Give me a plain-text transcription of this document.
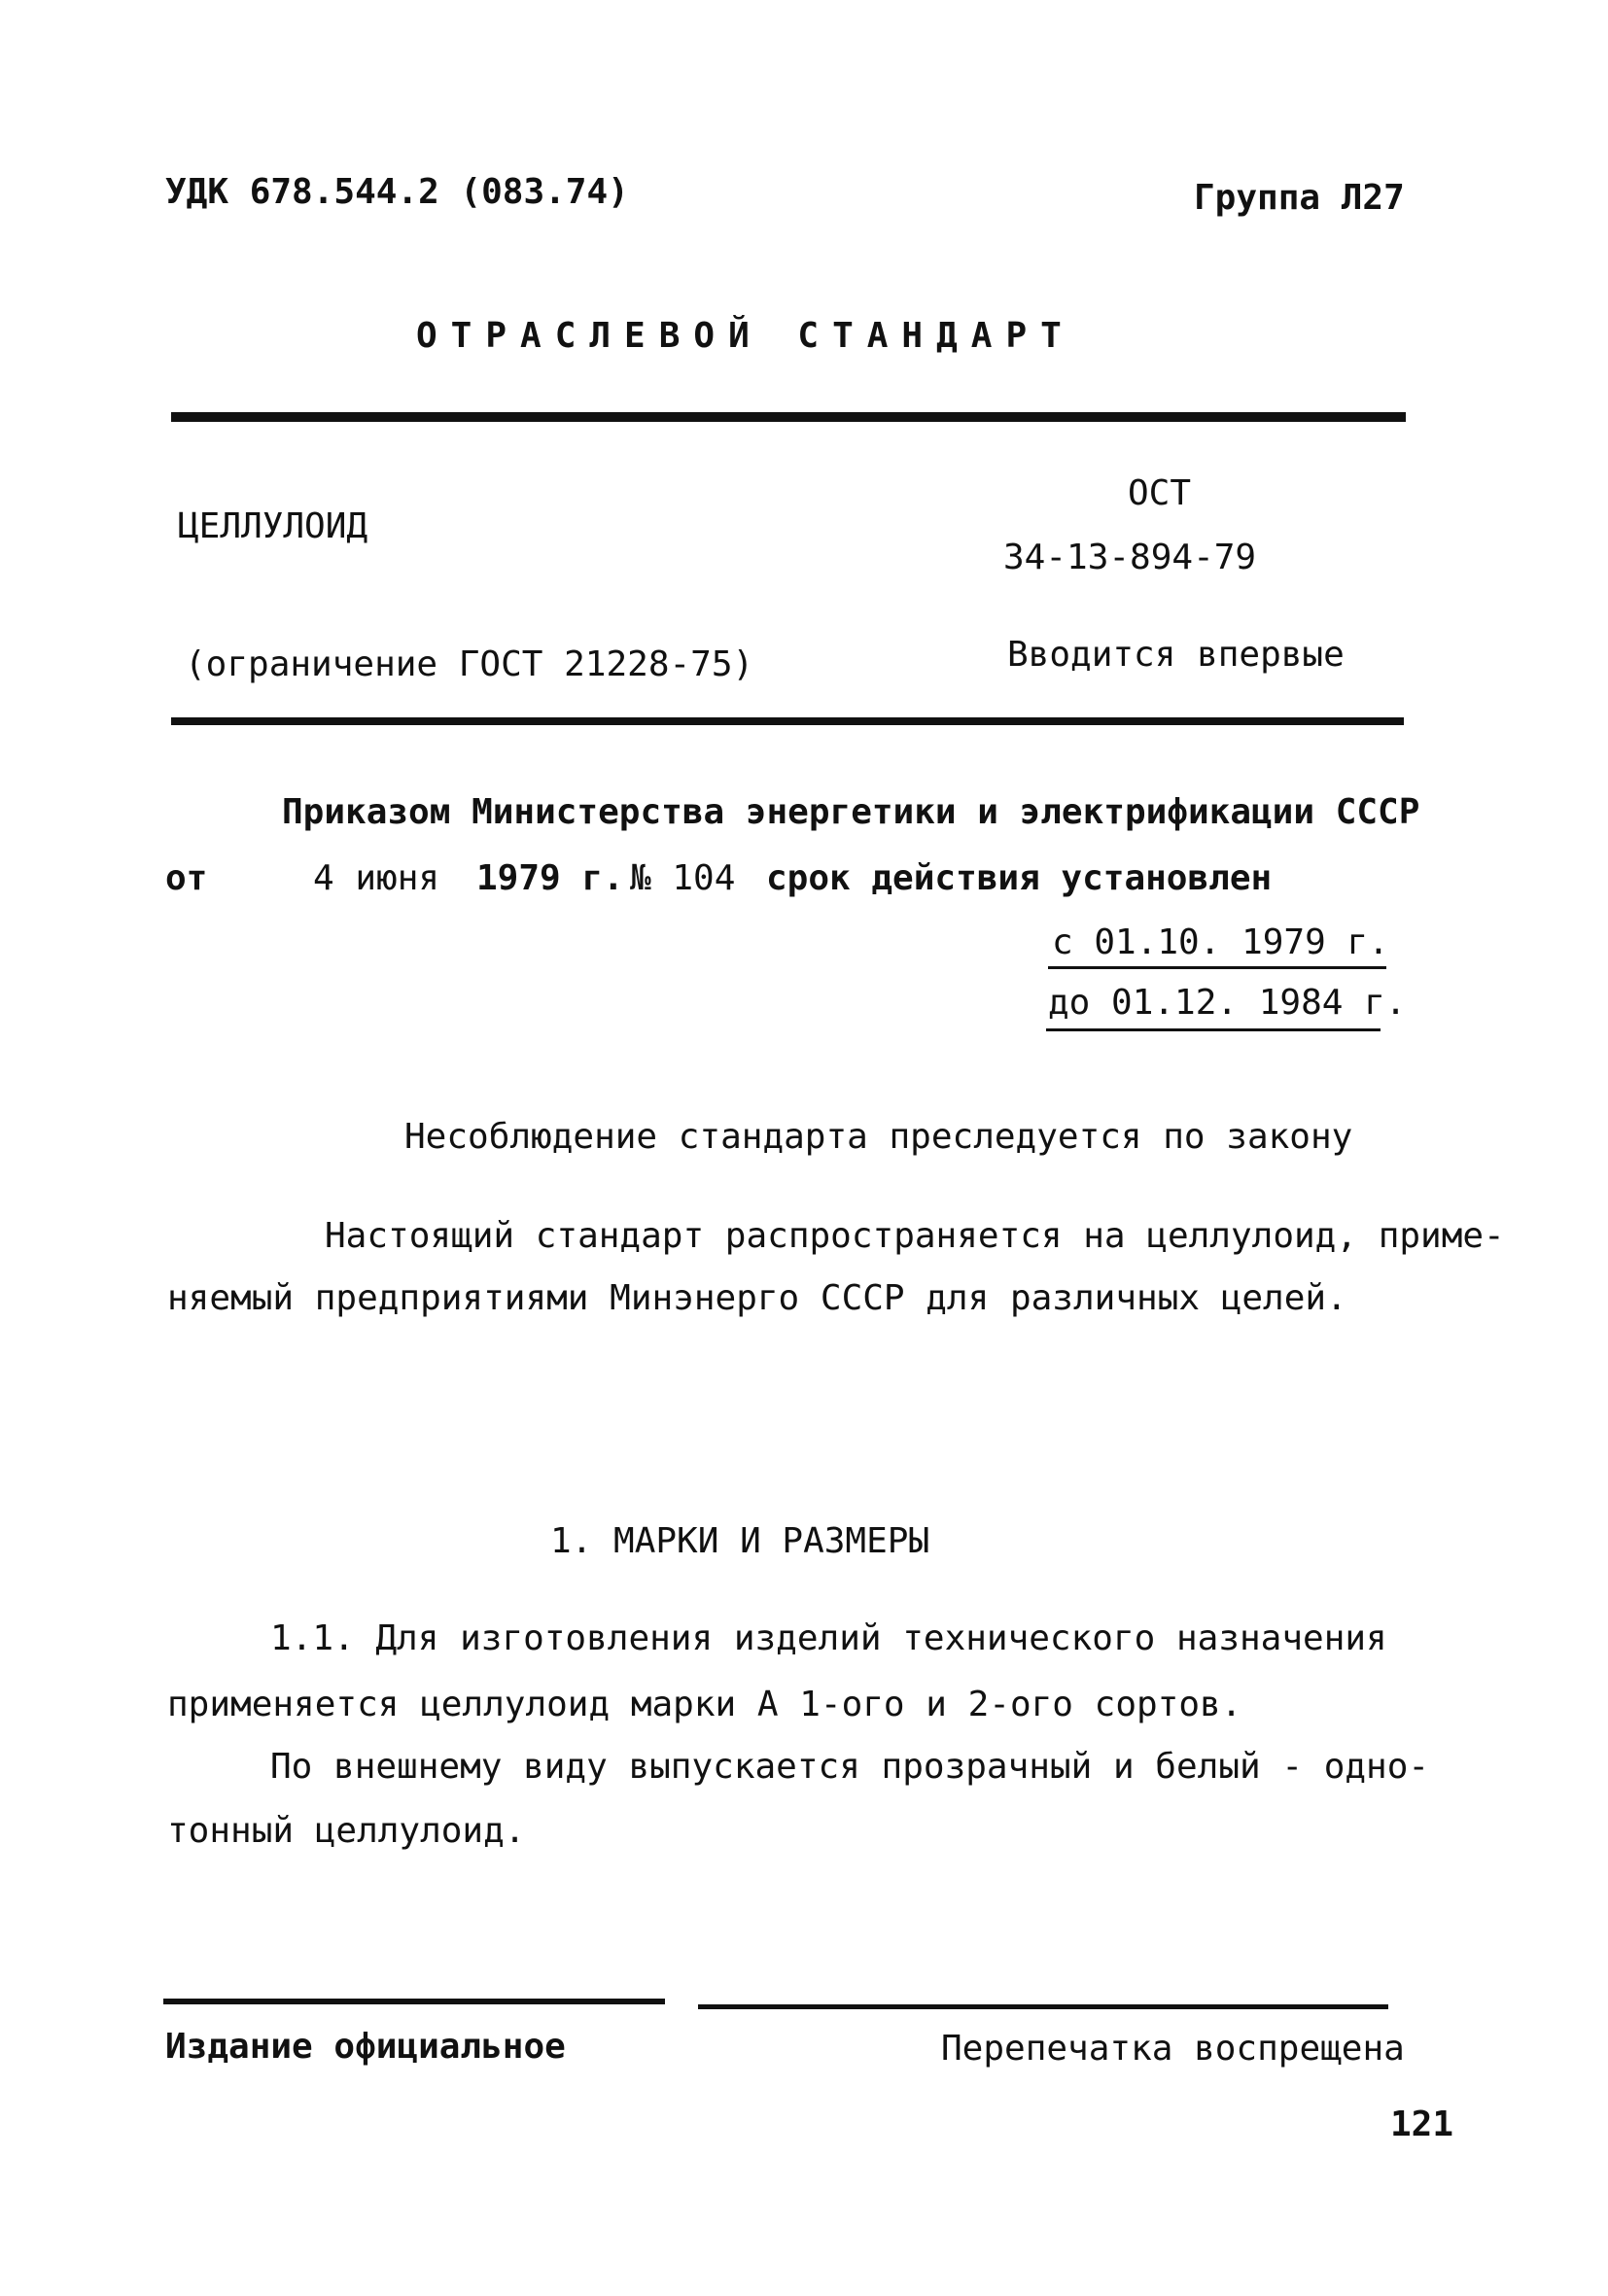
УДК 678.544.2 (083.74)	Группа Л27
ОТРАСЛЕВОЙ СТАНДАРТ
ОСТ
ЦЕЛЛУЛОИД
34-13-894-79
(ограничение ГОСТ 21228-75)	Вводится впервые
Приказом Министерства энергетики и электрификации СССР
от	4 июня 1979 г. № 104 срок действия установлен
с 01.10. 1979 г.
до 01.12. 1984 г.
Несоблюдение стандарта преследуется по закону
Настоящий стандарт распространяется на целлулоид, приме-
няемый предприятиями Минэнерго СССР для различных целей.
1. МАРКИ И РАЗМЕРЫ
1.1. Для изготовления изделий технического назначения
применяется целлулоид марки А 1-ого и 2-ого сортов.
По внешнему виду выпускается прозрачный и белый - одно-
тонный целлулоид.
Издание официальное	Перепечатка воспрещена
121
